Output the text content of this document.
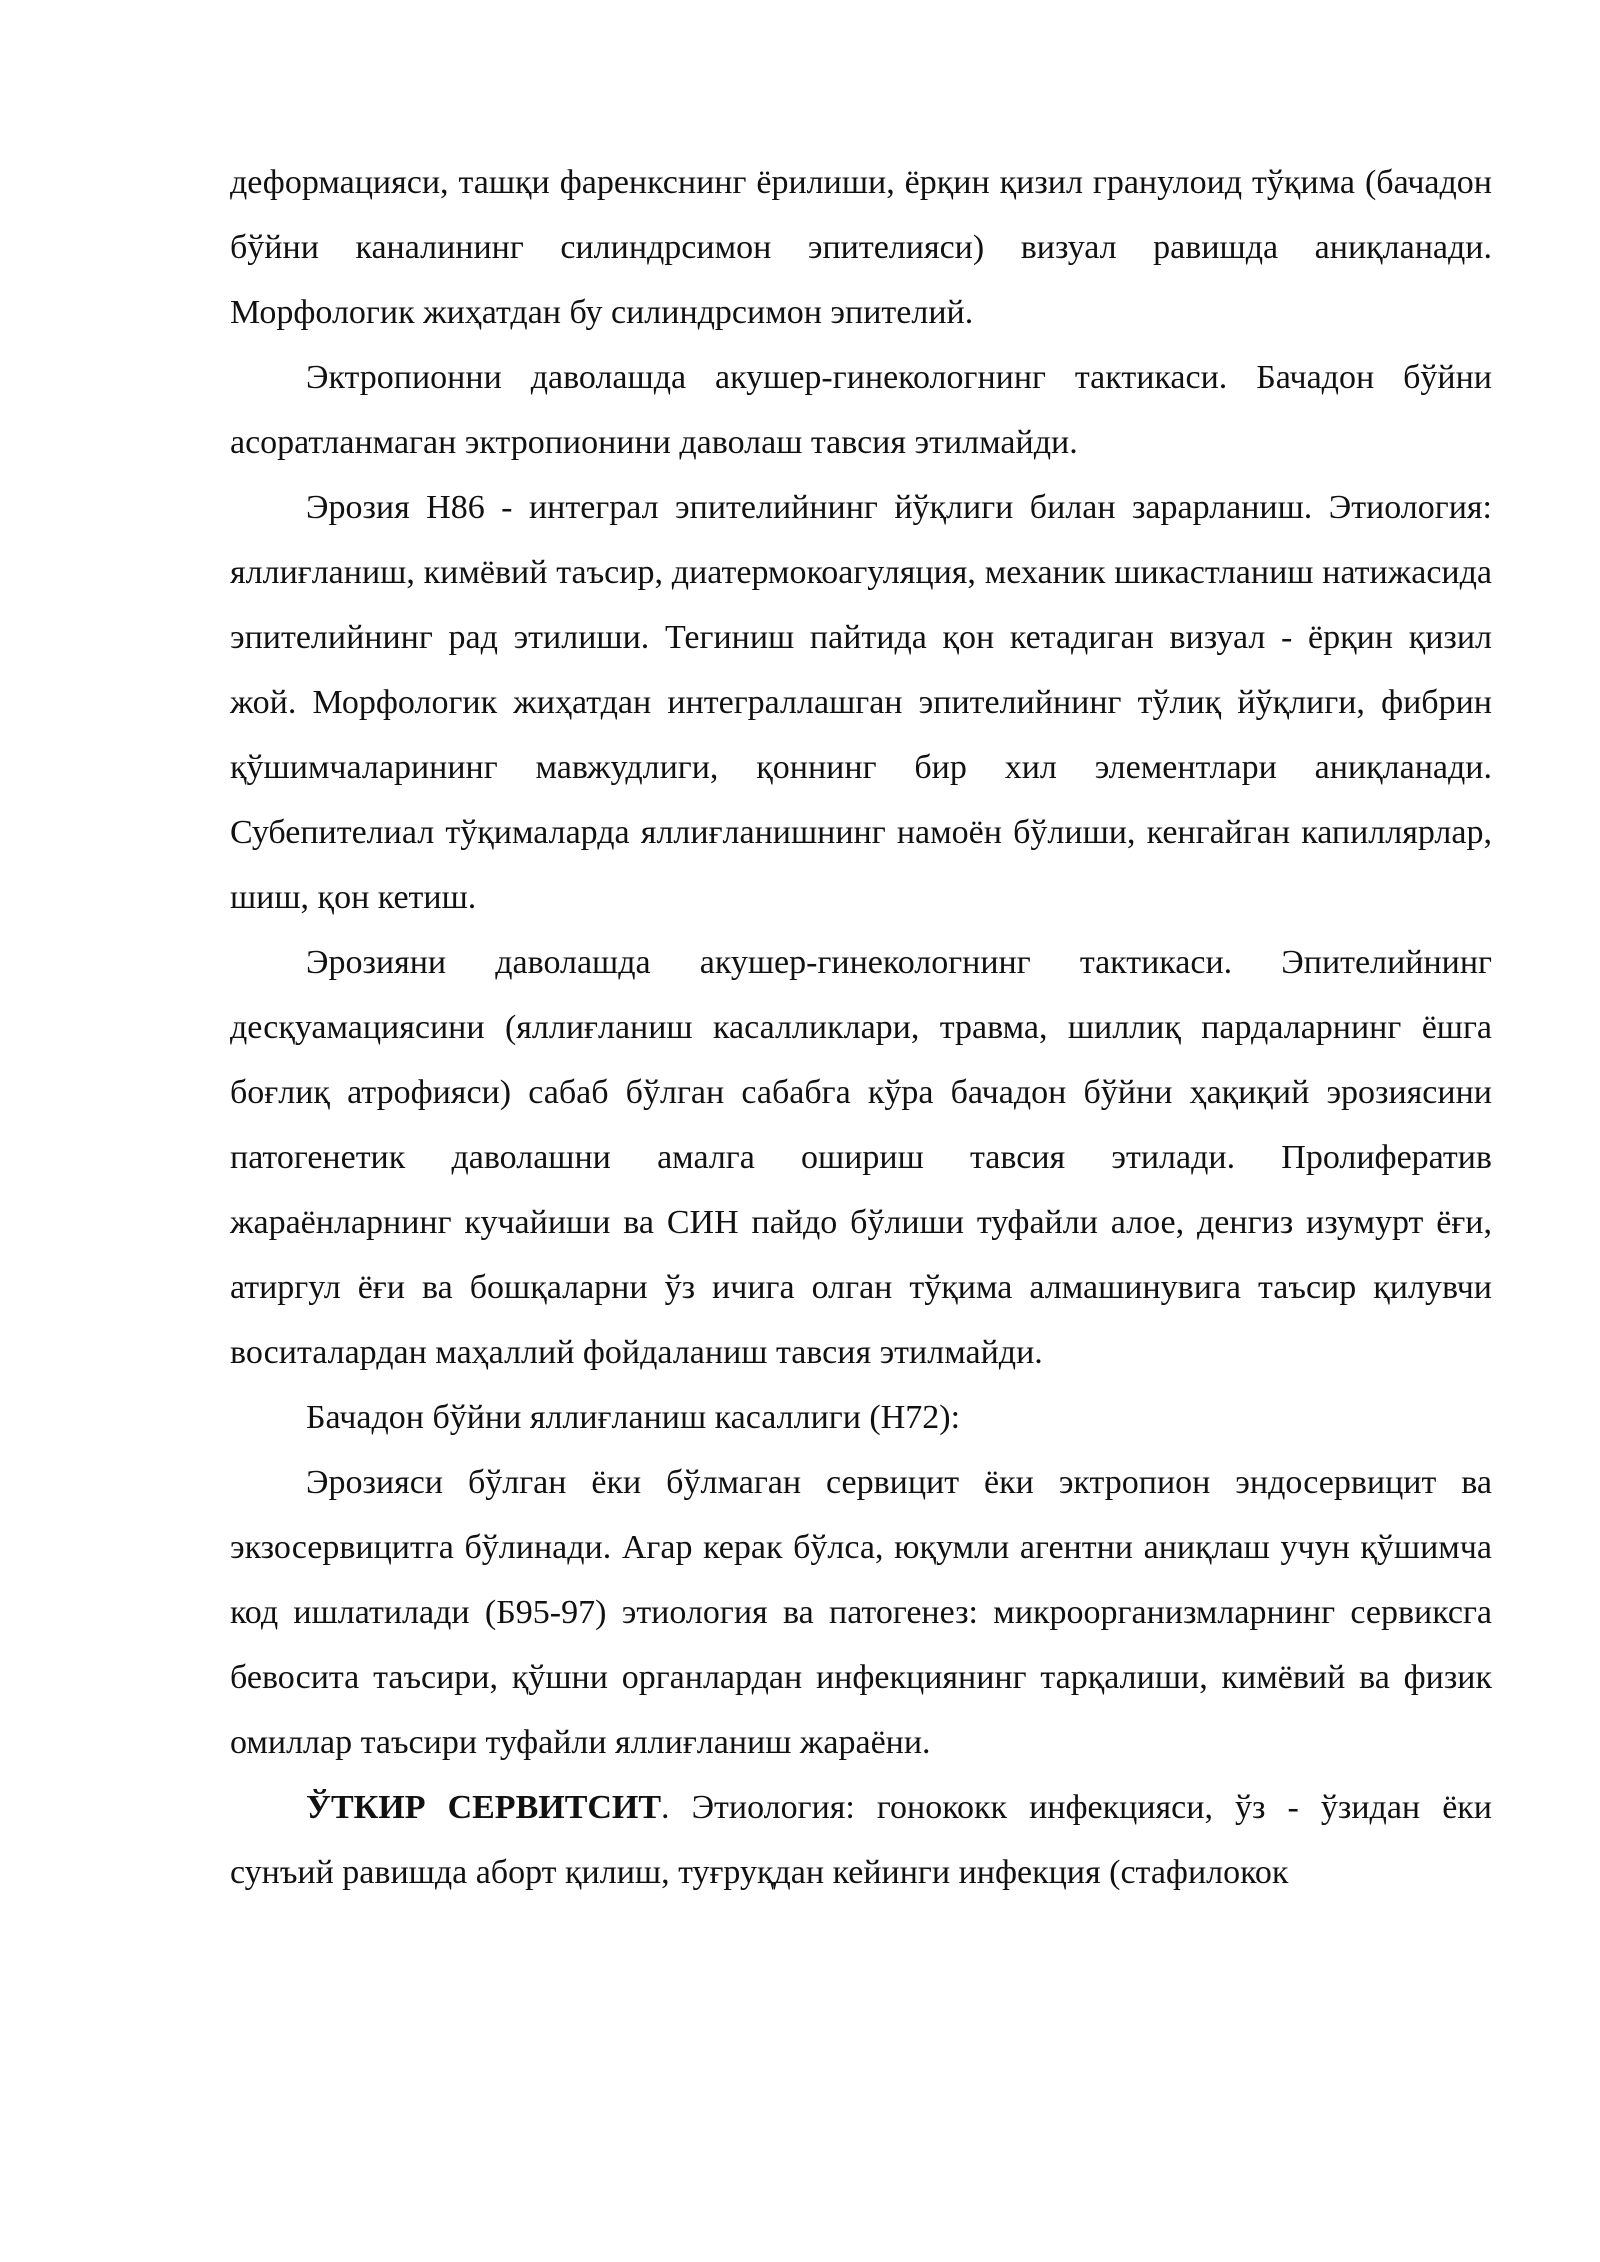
деформацияси, ташқи фаренкснинг ёрилиши, ёрқин қизил гранулоид тўқима (бачадон бўйни каналининг силиндрсимон эпителияси) визуал равишда аниқланади. Морфологик жиҳатдан бу силиндрсимон эпителий.

Эктропионни даволашда акушер-гинекологнинг тактикаси. Бачадон бўйни асоратланмаган эктропионини даволаш тавсия этилмайди.

Эрозия Н86 - интеграл эпителийнинг йўқлиги билан зарарланиш. Этиология: яллиғланиш, кимёвий таъсир, диатермокоагуляция, механик шикастланиш натижасида эпителийнинг рад этилиши. Тегиниш пайтида қон кетадиган визуал - ёрқин қизил жой. Морфологик жиҳатдан интеграллашган эпителийнинг тўлиқ йўқлиги, фибрин қўшимчаларининг мавжудлиги, қоннинг бир хил элементлари аниқланади. Субепителиал тўқималарда яллиғланишнинг намоён бўлиши, кенгайган капиллярлар, шиш, қон кетиш.

Эрозияни даволашда акушер-гинекологнинг тактикаси. Эпителийнинг десқуамациясини (яллиғланиш касалликлари, травма, шиллиқ пардаларнинг ёшга боғлиқ атрофияси) сабаб бўлган сабабга кўра бачадон бўйни ҳақиқий эрозиясини патогенетик даволашни амалга ошириш тавсия этилади. Пролифератив жараёнларнинг кучайиши ва СИН пайдо бўлиши туфайли алое, денгиз изумурт ёғи, атиргул ёғи ва бошқаларни ўз ичига олган тўқима алмашинувига таъсир қилувчи воситалардан маҳаллий фойдаланиш тавсия этилмайди.

Бачадон бўйни яллиғланиш касаллиги (Н72):

Эрозияси бўлган ёки бўлмаган сервицит ёки эктропион эндосервицит ва экзосервицитга бўлинади. Агар керак бўлса, юқумли агентни аниқлаш учун қўшимча код ишлатилади (Б95-97) этиология ва патогенез: микроорганизмларнинг сервиксга бевосита таъсири, қўшни органлардан инфекциянинг тарқалиши, кимёвий ва физик омиллар таъсири туфайли яллиғланиш жараёни.

ЎТКИР СЕРВИТСИТ. Этиология: гонококк инфекцияси, ўз - ўзидан ёки сунъий равишда аборт қилиш, туғруқдан кейинги инфекция (стафилокок
